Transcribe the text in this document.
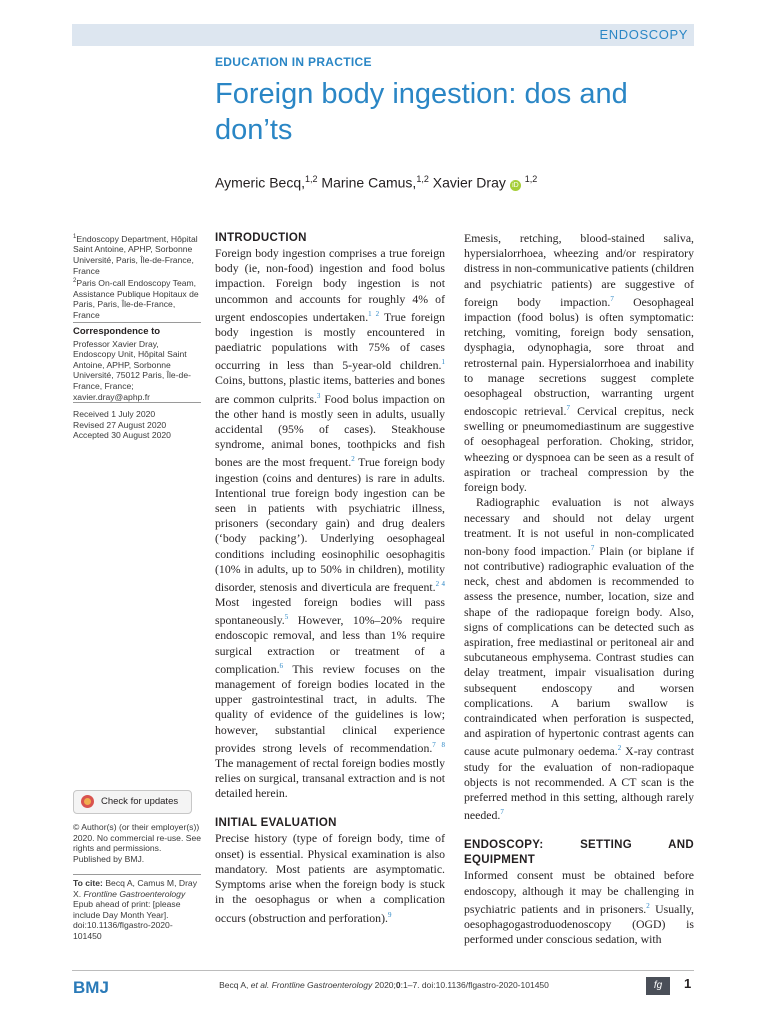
ENDOSCOPY
EDUCATION IN PRACTICE
Foreign body ingestion: dos and don’ts
Aymeric Becq,$^{1,2}$ Marine Camus,$^{1,2}$ Xavier Dray iD $^{1,2}$
$^1$Endoscopy Department, Hôpital Saint Antoine, APHP, Sorbonne Université, Paris, Île-de-France, France
$^2$Paris On-call Endoscopy Team, Assistance Publique Hopitaux de Paris, Paris, Île-de-France, France
Correspondence to
Professor Xavier Dray, Endoscopy Unit, Hôpital Saint Antoine, APHP, Sorbonne Université, 75012 Paris, Île-de-France, France; xavier.dray@aphp.fr
Received 1 July 2020
Revised 27 August 2020
Accepted 30 August 2020
Check for updates
© Author(s) (or their employer(s)) 2020. No commercial re-use. See rights and permissions. Published by BMJ.
To cite: Becq A, Camus M, Dray X. Frontline Gastroenterology Epub ahead of print: [please include Day Month Year]. doi:10.1136/flgastro-2020-101450
INTRODUCTION

Foreign body ingestion comprises a true foreign body (ie, non-food) ingestion and food bolus impaction. Foreign body ingestion is not uncommon and accounts for roughly 4% of urgent endoscopies undertaken.$^{1 2}$ True foreign body ingestion is mostly encountered in paediatric populations with 75% of cases occurring in less than 5-year-old children.$^1$ Coins, buttons, plastic items, batteries and bones are common culprits.$^3$ Food bolus impaction on the other hand is mostly seen in adults, usually accidental (95% of cases). Steakhouse syndrome, animal bones, toothpicks and fish bones are the most frequent.$^2$ True foreign body ingestion (coins and dentures) is rare in adults. Intentional true foreign body ingestion can be seen in patients with psychiatric illness, prisoners (secondary gain) and drug dealers (‘body packing’). Underlying oesophageal conditions including eosinophilic oesophagitis (10% in adults, up to 50% in children), motility disorder, stenosis and diverticula are frequent.$^{2 4}$ Most ingested foreign bodies will pass spontaneously.$^5$ However, 10%–20% require endoscopic removal, and less than 1% require surgical extraction or treatment of a complication.$^6$ This review focuses on the management of foreign bodies located in the upper gastrointestinal tract, in adults. The quality of evidence of the guidelines is low; however, substantial clinical experience provides strong levels of recommendation.$^{7 8}$ The management of rectal foreign bodies mostly relies on surgical, transanal extraction and is not detailed herein.

INITIAL EVALUATION

Precise history (type of foreign body, time of onset) is essential. Physical examination is also mandatory. Most patients are asymptomatic. Symptoms arise when the foreign body is stuck in the oesophagus or when a complication occurs (obstruction and perforation).$^9$

Emesis, retching, blood-stained saliva, hypersialorrhoea, wheezing and/or respiratory distress in non-communicative patients (children and psychiatric patients) are suggestive of foreign body impaction.$^7$ Oesophageal impaction (food bolus) is often symptomatic: retching, vomiting, foreign body sensation, dysphagia, odynophagia, sore throat and retrosternal pain. Hypersialorrhoea and inability to manage secretions suggest complete oesophageal obstruction, warranting urgent endoscopic retrieval.$^7$ Cervical crepitus, neck swelling or pneumomediastinum are suggestive of oesophageal perforation. Choking, stridor, wheezing or dyspnoea can be seen as a result of aspiration or tracheal compression by the foreign body.

Radiographic evaluation is not always necessary and should not delay urgent treatment. It is not useful in non-complicated non-bony food impaction.$^7$ Plain (or biplane if not contributive) radiographic evaluation of the neck, chest and abdomen is recommended to assess the presence, number, location, size and shape of the radiopaque foreign body. Also, signs of complications can be detected such as aspiration, free mediastinal or peritoneal air and subcutaneous emphysema. Contrast studies can delay treatment, impair visualisation during subsequent endoscopy and worsen complications. A barium swallow is contraindicated when perforation is suspected, and aspiration of hypertonic contrast agents can cause acute pulmonary oedema.$^2$ X-ray contrast study for the evaluation of non-radiopaque objects is not recommended. A CT scan is the preferred method in this setting, although rarely needed.$^7$

ENDOSCOPY: SETTING AND EQUIPMENT

Informed consent must be obtained before endoscopy, although it may be challenging in psychiatric patients and in prisoners.$^2$ Usually, oesophagogastroduodenoscopy (OGD) is performed under conscious sedation, with

BMJ	Becq A, et al. Frontline Gastroenterology 2020;0:1–7. doi:10.1136/flgastro-2020-101450	fg	1
